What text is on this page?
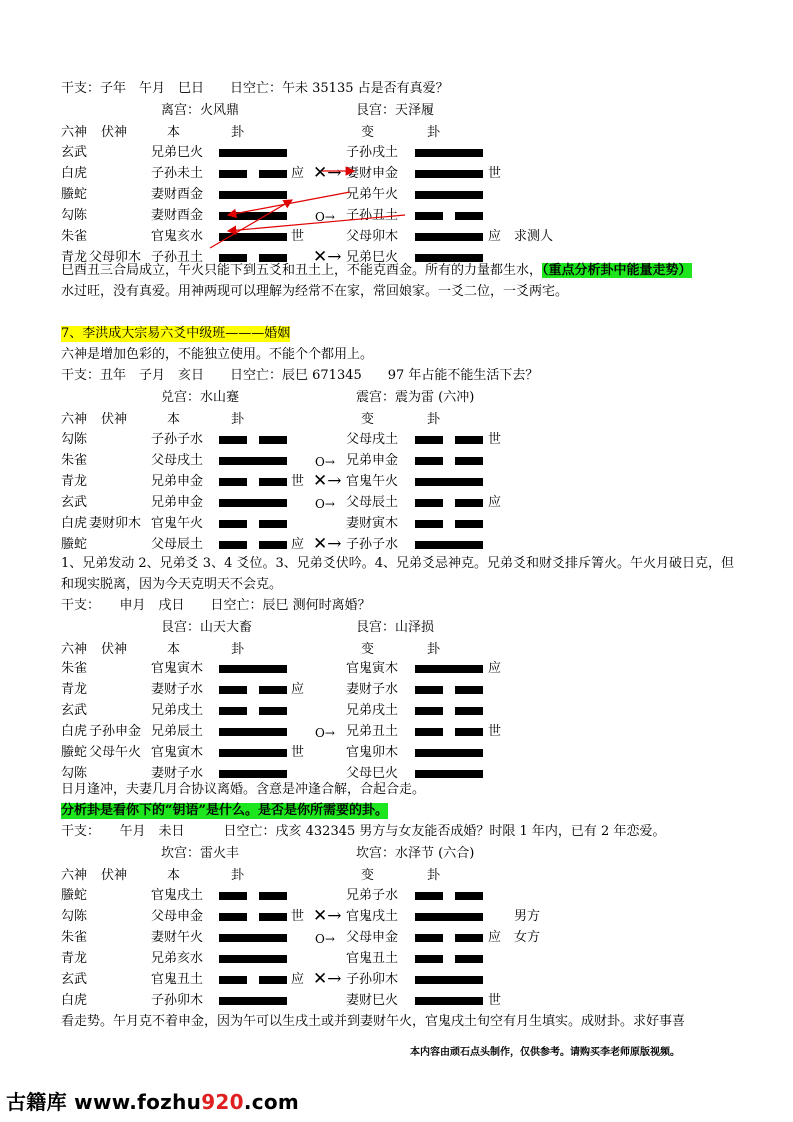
干支：子年　午月　巳日　　日空亡：午未 35135 占是否有真爱？
离宫：火风鼎	艮宫：天泽履
六神 伏神	本	卦	变	卦
玄武	兄弟巳火	子孙戌土
白虎	子孙未土	应 ✕→ 妻财申金	世
螣蛇	妻财酉金	兄弟午火
勾陈	妻财酉金	O→ 子孙丑土
朱雀	官鬼亥水	世	父母卯木	应　求测人
青龙 父母卯木 子孙丑土	✕→ 兄弟巳火
巳酉丑三合局成立，午火只能下到五爻和丑土上，不能克酉金。所有的力量都生水，（重点分析卦中能量走势）
水过旺，没有真爱。用神两现可以理解为经常不在家，常回娘家。一爻二位，一爻两宅。
7、李洪成大宗易六爻中级班———婚姻
六神是增加色彩的，不能独立使用。不能个个都用上。
干支：丑年　子月　亥日　　日空亡：辰巳 671345　　97 年占能不能生活下去？
兑宫：水山蹇	震宫：震为雷 (六冲)
六神 伏神	本	卦	变	卦
勾陈	子孙子水	父母戌土	世
朱雀	父母戌土	O→ 兄弟申金
青龙	兄弟申金	世 ✕→ 官鬼午火
玄武	兄弟申金	O→ 父母辰土	应
白虎 妻财卯木 官鬼午火	妻财寅木
螣蛇	父母辰土	应 ✕→ 子孙子水
1、兄弟发动 2、兄弟爻 3、4 爻位。3、兄弟爻伏吟。4、兄弟爻忌神克。兄弟爻和财爻排斥箐火。午火月破日克，但和现实脱离，因为今天克明天不会克。
干支：　　申月　戌日　　日空亡：辰巳 测何时离婚？
艮宫：山天大畜	艮宫：山泽损
六神 伏神	本	卦	变	卦
朱雀	官鬼寅木	官鬼寅木	应
青龙	妻财子水	应	妻财子水
玄武	兄弟戌土	兄弟戌土
白虎 子孙申金 兄弟辰土	O→ 兄弟丑土	世
螣蛇 父母午火 官鬼寅木	世	官鬼卯木
勾陈	妻财子水	父母巳火
日月逢冲，夫妻几月合协议离婚。含意是冲逢合解，合起合走。
分析卦是看你下的“钥语”是什么。是否是你所需要的卦。
干支：　　午月　未日　　　日空亡：戌亥 432345 男方与女友能否成婚？时限 1 年内，已有 2 年恋爱。
坎宫：雷火丰	坎宫：水泽节 (六合)
六神 伏神	本	卦	变	卦
螣蛇	官鬼戌土	兄弟子水
勾陈	父母申金	世 ✕→ 官鬼戌土	　　男方
朱雀	妻财午火	O→ 父母申金	应　女方
青龙	兄弟亥水	官鬼丑土
玄武	官鬼丑土	应 ✕→ 子孙卯木
白虎	子孙卯木	妻财巳火	世
看走势。午月克不着申金，因为午可以生戌土或并到妻财午火，官鬼戌土旬空有月生填实。成财卦。求好事喜
本内容由顽石点头制作，仅供参考。请购买李老师原版视频。
古籍库 www.fozhu920.com
